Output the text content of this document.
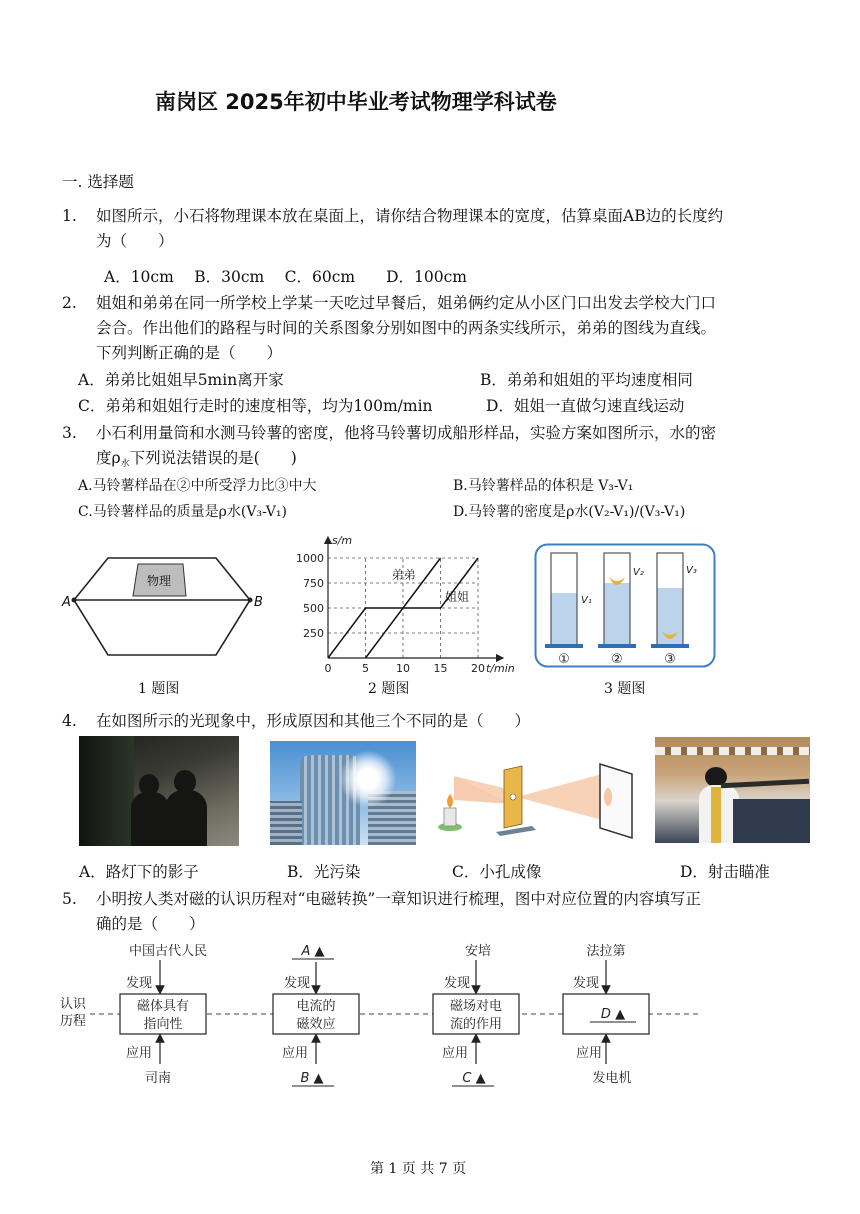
南岗区 2025年初中毕业考试物理学科试卷
一. 选择题
1. 如图所示，小石将物理课本放在桌面上，请你结合物理课本的宽度，估算桌面AB边的长度约
为（　　）
A．10cm　 B．30cm　 C．60cm　　D．100cm
2. 姐姐和弟弟在同一所学校上学某一天吃过早餐后，姐弟俩约定从小区门口出发去学校大门口
会合。作出他们的路程与时间的关系图象分别如图中的两条实线所示，弟弟的图线为直线。
下列判断正确的是（　　）
A．弟弟比姐姐早5min离开家	B．弟弟和姐姐的平均速度相同
C．弟弟和姐姐行走时的速度相等，均为100m/min	D．姐姐一直做匀速直线运动
3. 小石利用量筒和水测马铃薯的密度，他将马铃薯切成船形样品，实验方案如图所示，水的密
度$\rho_水$下列说法错误的是(　　)
A.马铃薯样品在②中所受浮力比③中大	B.马铃薯样品的体积是 V₃-V₁
C.马铃薯样品的质量是ρ水(V₃-V₁)	D.马铃薯的密度是ρ水(V₂-V₁)/(V₃-V₁)
物理
A	B
1 题图
0	5 10 15 20
250
500
750
1000
s/m
t/min
弟弟
姐姐
2 题图
V₁
V₂	V₃
①	②	③
3 题图
4. 在如图所示的光现象中，形成原因和其他三个不同的是（　　）
A．路灯下的影子	B．光污染	C．小孔成像	D．射击瞄准
5. 小明按人类对磁的认识历程对“电磁转换”一章知识进行梳理，图中对应位置的内容填写正
确的是（　　）
认识
历程
中国古代人民
发现
磁体具有
指向性
应用
司南
A ▲
发现
电流的
磁效应
应用
B ▲
安培
发现
磁场对电
流的作用
应用
C ▲
法拉第
发现
D ▲
应用
发电机
第 1 页 共 7 页
